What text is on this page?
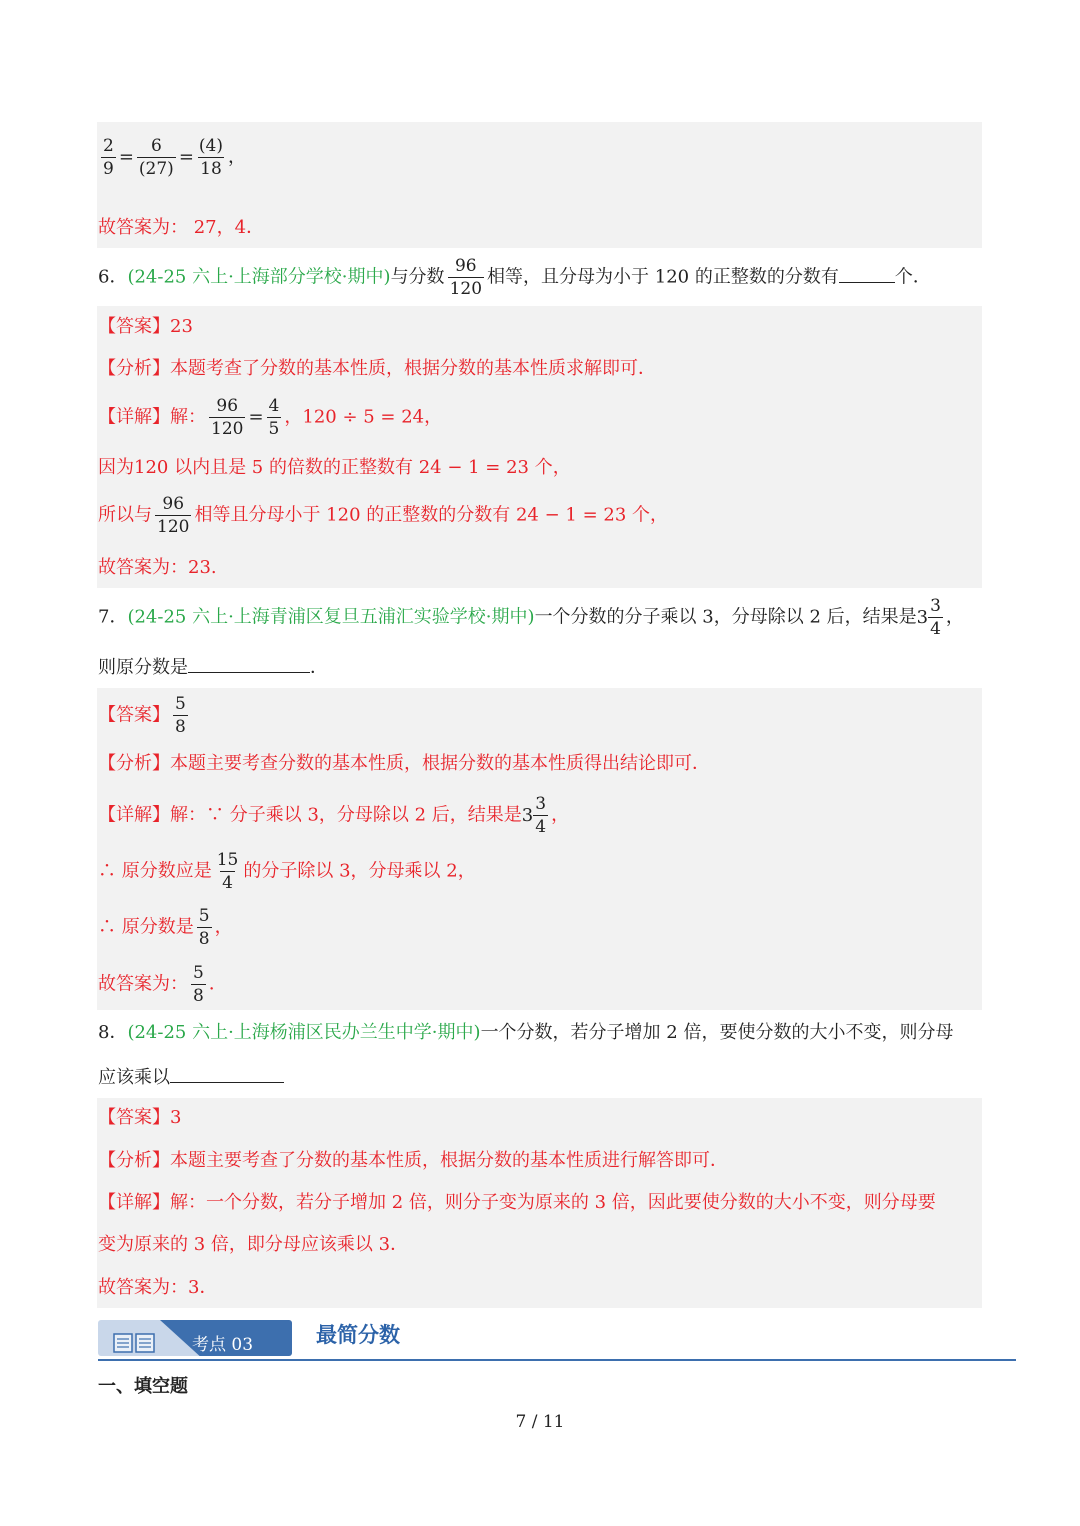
$\frac{2}{9} = \frac{6}{(27)} = \frac{(4)}{18}$ ，
故答案为： 27，4．
6．(24-25 六上·上海部分学校·期中)与分数 $\frac{96}{120}$ 相等，且分母为小于 120 的正整数的分数有	个．
【答案】23
【分析】本题考查了分数的基本性质，根据分数的基本性质求解即可．
【详解】解： $\frac{96}{120} = \frac{4}{5}$ ，120 ÷ 5 = 24，
因为120 以内且是 5 的倍数的正整数有 24 − 1 = 23 个，
所以与 $\frac{96}{120}$ 相等且分母小于 120 的正整数的分数有 24 − 1 = 23 个，
故答案为：23.
7．(24-25 六上·上海青浦区复旦五浦汇实验学校·期中)一个分数的分子乘以 3，分母除以 2 后，结果是 $3 \frac{3}{4}$ ，
则原分数是	．
【答案】 $\frac{5}{8}$
【分析】本题主要考查分数的基本性质，根据分数的基本性质得出结论即可．
【详解】解：∵ 分子乘以 3，分母除以 2 后，结果是 $3 \frac{3}{4}$ ，
∴ 原分数应是 $\frac{15}{4}$ 的分子除以 3，分母乘以 2，
∴ 原分数是 $\frac{5}{8}$ ，
故答案为： $\frac{5}{8}$ ．
8．(24-25 六上·上海杨浦区民办兰生中学·期中)一个分数，若分子增加 2 倍，要使分数的大小不变，则分母
应该乘以
【答案】3
【分析】本题主要考查了分数的基本性质，根据分数的基本性质进行解答即可．
【详解】解：一个分数，若分子增加 2 倍，则分子变为原来的 3 倍，因此要使分数的大小不变，则分母要
变为原来的 3 倍，即分母应该乘以 3．
故答案为：3．
考点 03	最简分数
一、填空题
7 / 11
